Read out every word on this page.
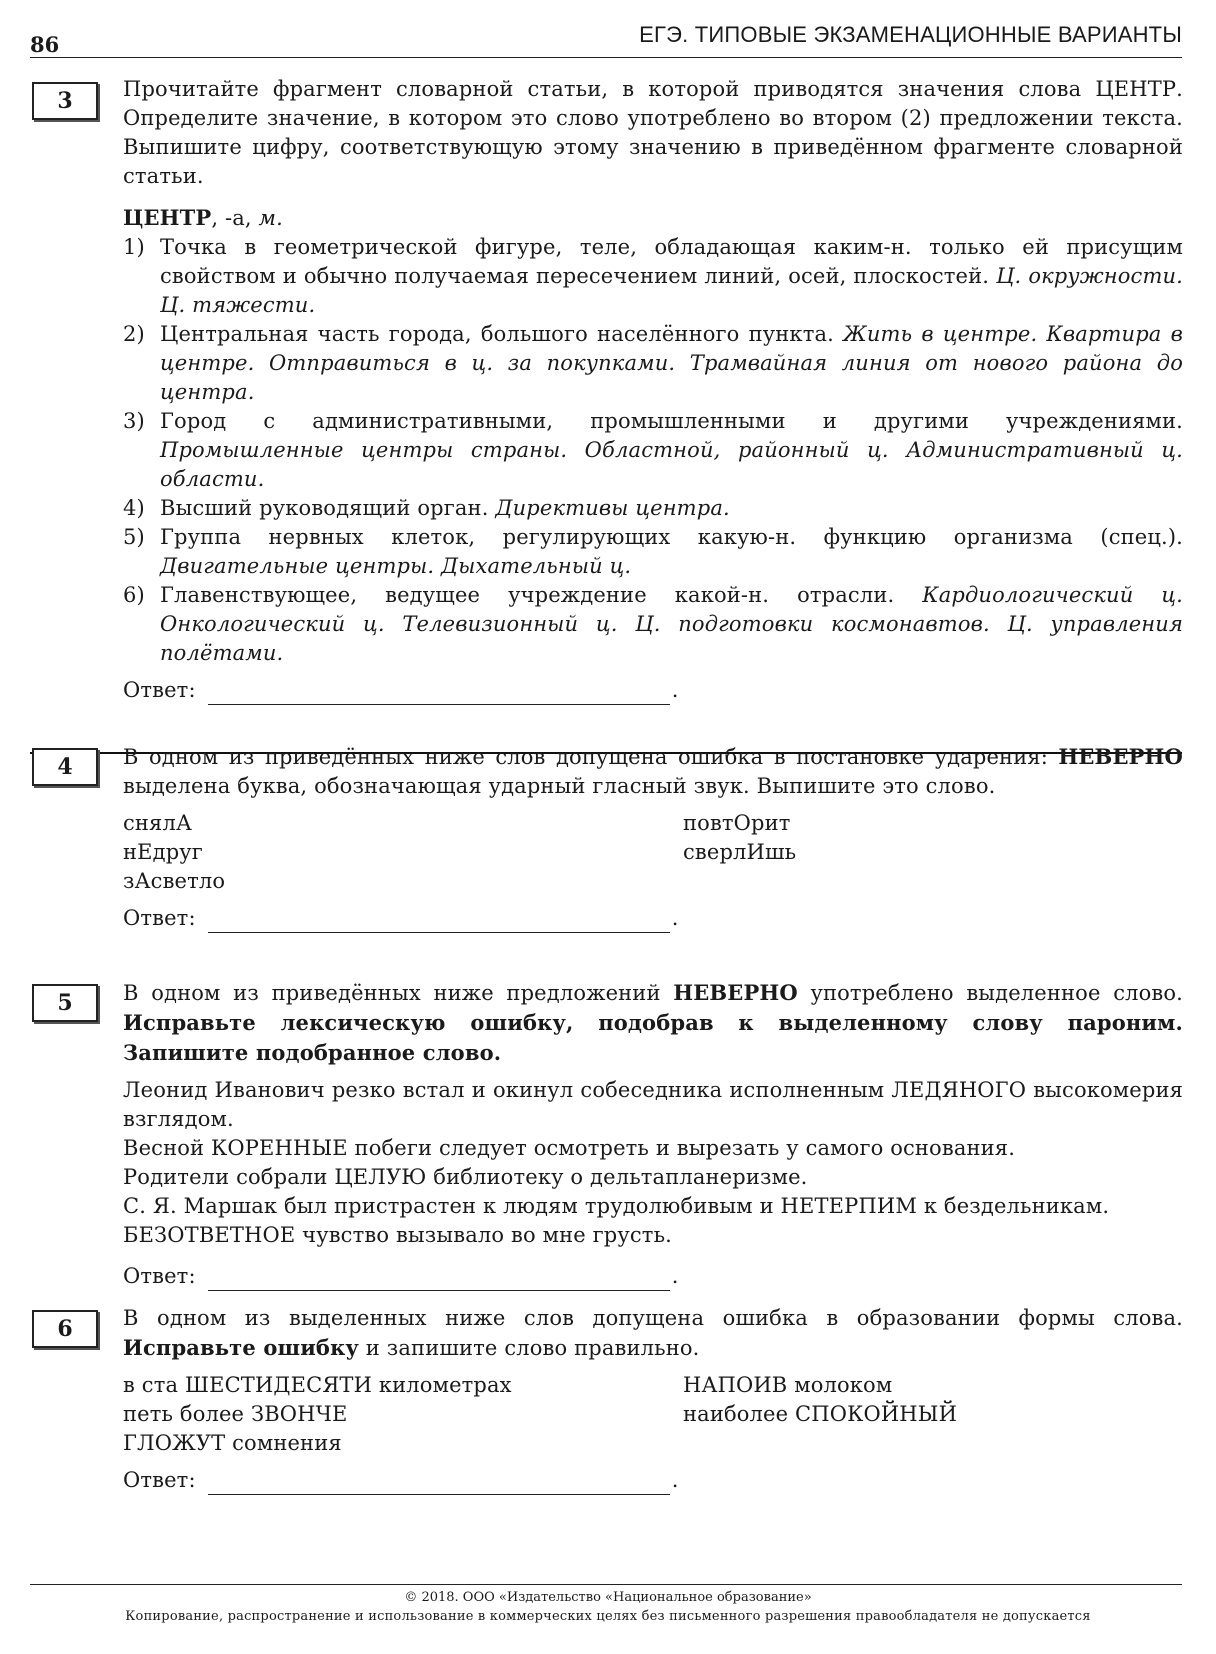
86	ЕГЭ. ТИПОВЫЕ ЭКЗАМЕНАЦИОННЫЕ ВАРИАНТЫ
3	Прочитайте фрагмент словарной статьи, в которой приводятся значения слова ЦЕНТР. Определите значение, в котором это слово употреблено во втором (2) предложении текста. Выпишите цифру, соответствующую этому значению в приведённом фрагменте словарной статьи.

ЦЕНТР, -а, м.

1) Точка в геометрической фигуре, теле, обладающая каким-н. только ей присущим свойством и обычно получаемая пересечением линий, осей, плоскостей. Ц. окружности. Ц. тяжести.
2) Центральная часть города, большого населённого пункта. Жить в центре. Квартира в центре. Отправиться в ц. за покупками. Трамвайная линия от нового района до центра.
3) Город с административными, промышленными и другими учреждениями. Промышленные центры страны. Областной, районный ц. Административный ц. области.
4) Высший руководящий орган. Директивы центра.
5) Группа нервных клеток, регулирующих какую-н. функцию организма (спец.). Двигательные центры. Дыхательный ц.
6) Главенствующее, ведущее учреждение какой-н. отрасли. Кардиологический ц. Онкологический ц. Телевизионный ц. Ц. подготовки космонавтов. Ц. управления полётами.
Ответ:	.
4	В одном из приведённых ниже слов допущена ошибка в постановке ударения: НЕВЕРНО выделена буква, обозначающая ударный гласный звук. Выпишите это слово.

снялА	повтОрит
нЕдруг	сверлИшь
зАсветло
Ответ:	.
5	В одном из приведённых ниже предложений НЕВЕРНО употреблено выделенное слово. Исправьте лексическую ошибку, подобрав к выделенному слову пароним. Запишите подобранное слово.

Леонид Иванович резко встал и окинул собеседника исполненным ЛЕДЯНОГО высокомерия взглядом.

Весной КОРЕННЫЕ побеги следует осмотреть и вырезать у самого основания.

Родители собрали ЦЕЛУЮ библиотеку о дельтапланеризме.

С. Я. Маршак был пристрастен к людям трудолюбивым и НЕТЕРПИМ к бездельникам.

БЕЗОТВЕТНОЕ чувство вызывало во мне грусть.

Ответ:	.
6	В одном из выделенных ниже слов допущена ошибка в образовании формы слова. Исправьте ошибку и запишите слово правильно.

в ста ШЕСТИДЕСЯТИ километрах	НАПОИВ молоком
петь более ЗВОНЧЕ	наиболее СПОКОЙНЫЙ
ГЛОЖУТ сомнения
Ответ:	.
© 2018. ООО «Издательство «Национальное образование»
Копирование, распространение и использование в коммерческих целях без письменного разрешения правообладателя не допускается
